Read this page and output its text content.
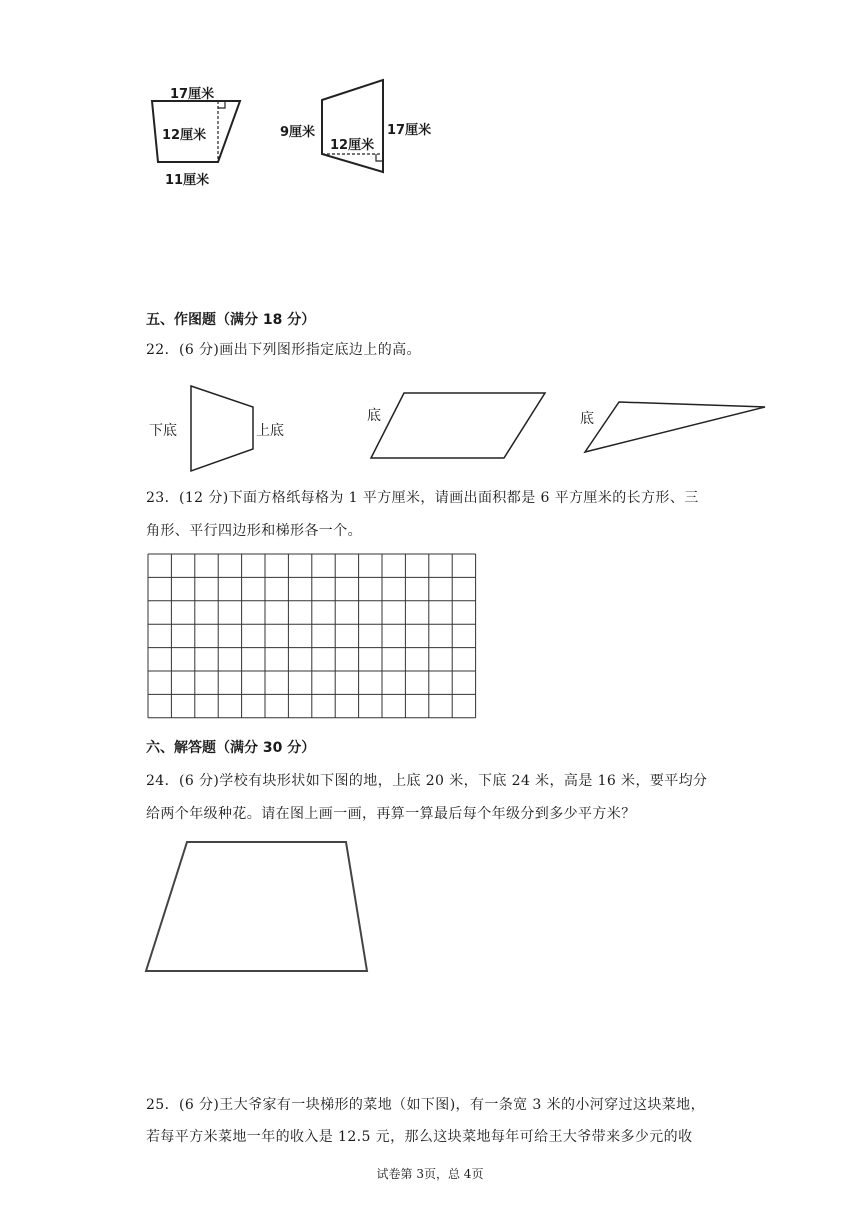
17厘米
12厘米
11厘米
9厘米
12厘米
17厘米
五、作图题（满分 18 分）
22．(6 分)画出下列图形指定底边上的高。
下底	上底
底	底
23．(12 分)下面方格纸每格为 1 平方厘米，请画出面积都是 6 平方厘米的长方形、三
角形、平行四边形和梯形各一个。
六、解答题（满分 30 分）
24．(6 分)学校有块形状如下图的地，上底 20 米，下底 24 米，高是 16 米，要平均分
给两个年级种花。请在图上画一画，再算一算最后每个年级分到多少平方米？
25．(6 分)王大爷家有一块梯形的菜地（如下图)，有一条宽 3 米的小河穿过这块菜地，
若每平方米菜地一年的收入是 12.5 元，那么这块菜地每年可给王大爷带来多少元的收
试卷第 3页，总 4页
